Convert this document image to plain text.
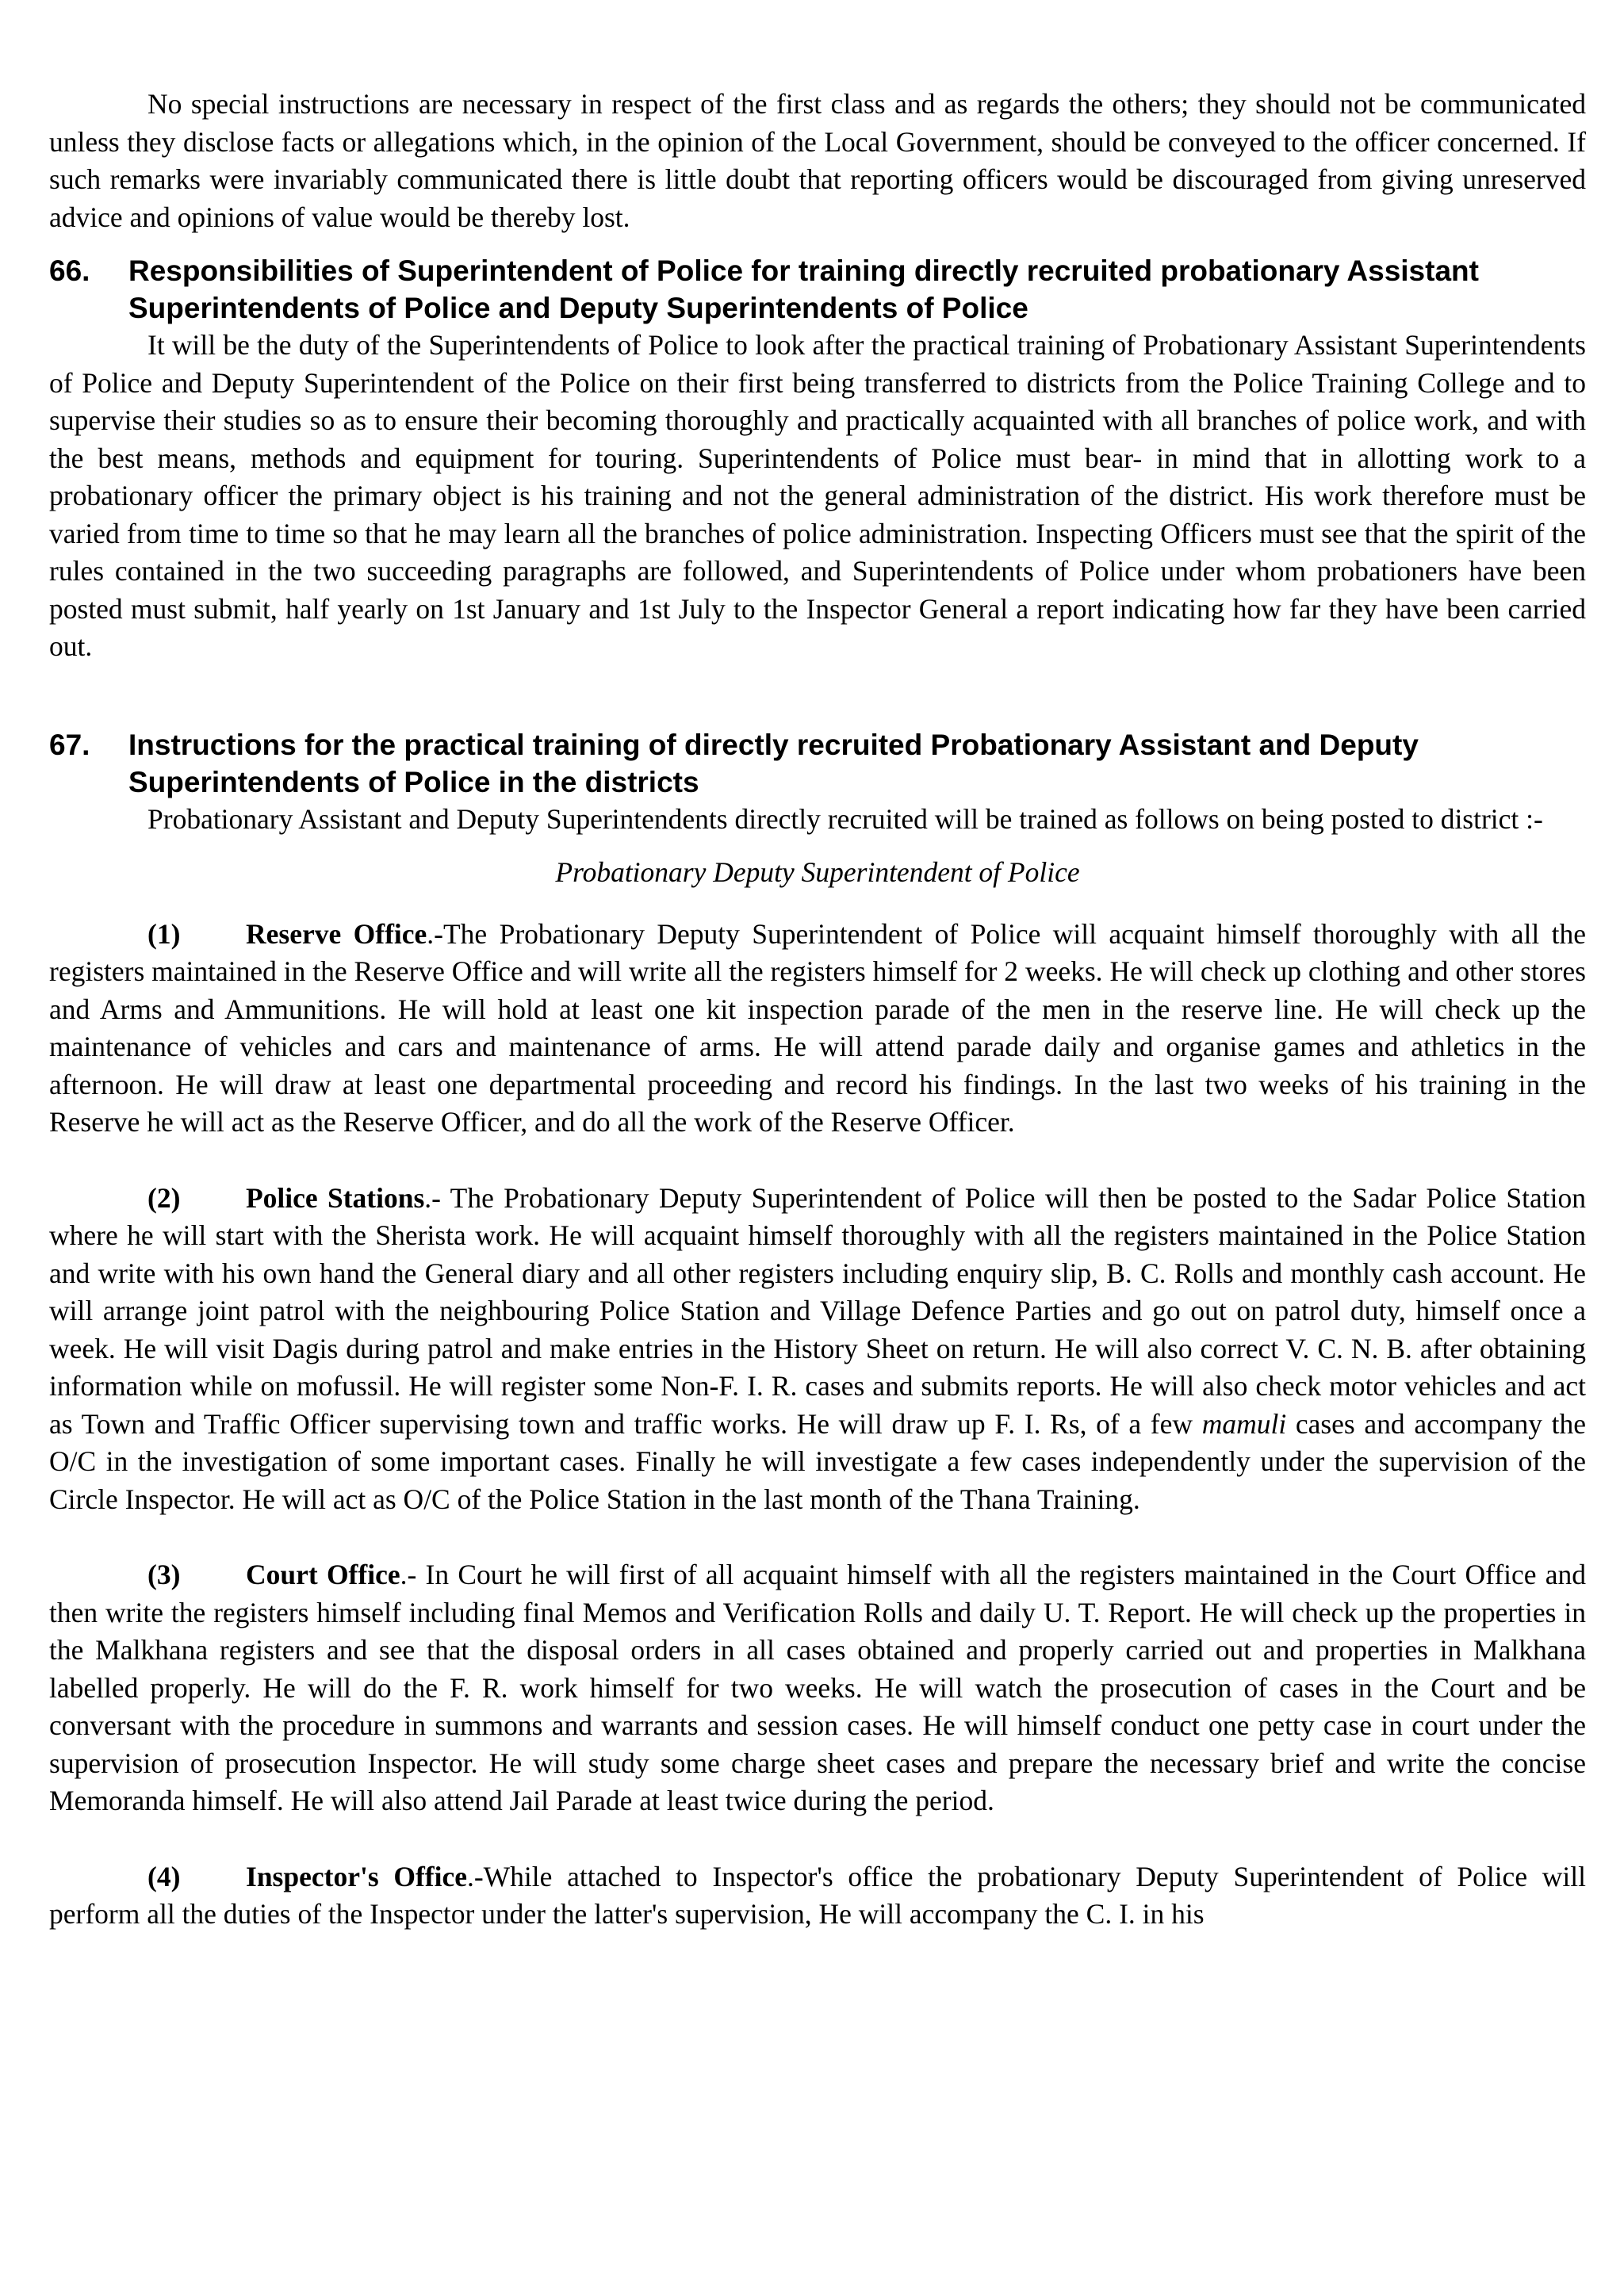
No special instructions are necessary in respect of the first class and as regards the others; they should not be communicated unless they disclose facts or allegations which, in the opinion of the Local Government, should be conveyed to the officer concerned. If such remarks were invariably communicated there is little doubt that reporting officers would be discouraged from giving unreserved advice and opinions of value would be thereby lost.

66. Responsibilities of Superintendent of Police for training directly recruited probationary Assistant Superintendents of Police and Deputy Superintendents of Police

It will be the duty of the Superintendents of Police to look after the practical training of Probationary Assistant Superintendents of Police and Deputy Superintendent of the Police on their first being transferred to districts from the Police Training College and to supervise their studies so as to ensure their becoming thoroughly and practically acquainted with all branches of police work, and with the best means, methods and equipment for touring. Superintendents of Police must bear- in mind that in allotting work to a probationary officer the primary object is his training and not the general administration of the district. His work therefore must be varied from time to time so that he may learn all the branches of police administration. Inspecting Officers must see that the spirit of the rules contained in the two succeeding paragraphs are followed, and Superintendents of Police under whom probationers have been posted must submit, half yearly on 1st January and 1st July to the Inspector General a report indicating how far they have been carried out.

67. Instructions for the practical training of directly recruited Probationary Assistant and Deputy Superintendents of Police in the districts

Probationary Assistant and Deputy Superintendents directly recruited will be trained as follows on being posted to district :-

Probationary Deputy Superintendent of Police

(1) Reserve Office.-The Probationary Deputy Superintendent of Police will acquaint himself thoroughly with all the registers maintained in the Reserve Office and will write all the registers himself for 2 weeks. He will check up clothing and other stores and Arms and Ammunitions. He will hold at least one kit inspection parade of the men in the reserve line. He will check up the maintenance of vehicles and cars and maintenance of arms. He will attend parade daily and organise games and athletics in the afternoon. He will draw at least one departmental proceeding and record his findings. In the last two weeks of his training in the Reserve he will act as the Reserve Officer, and do all the work of the Reserve Officer.

(2) Police Stations.- The Probationary Deputy Superintendent of Police will then be posted to the Sadar Police Station where he will start with the Sherista work. He will acquaint himself thoroughly with all the registers maintained in the Police Station and write with his own hand the General diary and all other registers including enquiry slip, B. C. Rolls and monthly cash account. He will arrange joint patrol with the neighbouring Police Station and Village Defence Parties and go out on patrol duty, himself once a week. He will visit Dagis during patrol and make entries in the History Sheet on return. He will also correct V. C. N. B. after obtaining information while on mofussil. He will register some Non-F. I. R. cases and submits reports. He will also check motor vehicles and act as Town and Traffic Officer supervising town and traffic works. He will draw up F. I. Rs, of a few mamuli cases and accompany the O/C in the investigation of some important cases. Finally he will investigate a few cases independently under the supervision of the Circle Inspector. He will act as O/C of the Police Station in the last month of the Thana Training.

(3) Court Office.- In Court he will first of all acquaint himself with all the registers maintained in the Court Office and then write the registers himself including final Memos and Verification Rolls and daily U. T. Report. He will check up the properties in the Malkhana registers and see that the disposal orders in all cases obtained and properly carried out and properties in Malkhana labelled properly. He will do the F. R. work himself for two weeks. He will watch the prosecution of cases in the Court and be conversant with the procedure in summons and warrants and session cases. He will himself conduct one petty case in court under the supervision of prosecution Inspector. He will study some charge sheet cases and prepare the necessary brief and write the concise Memoranda himself. He will also attend Jail Parade at least twice during the period.

(4) Inspector's Office.-While attached to Inspector's office the probationary Deputy Superintendent of Police will perform all the duties of the Inspector under the latter's supervision, He will accompany the C. I. in his
